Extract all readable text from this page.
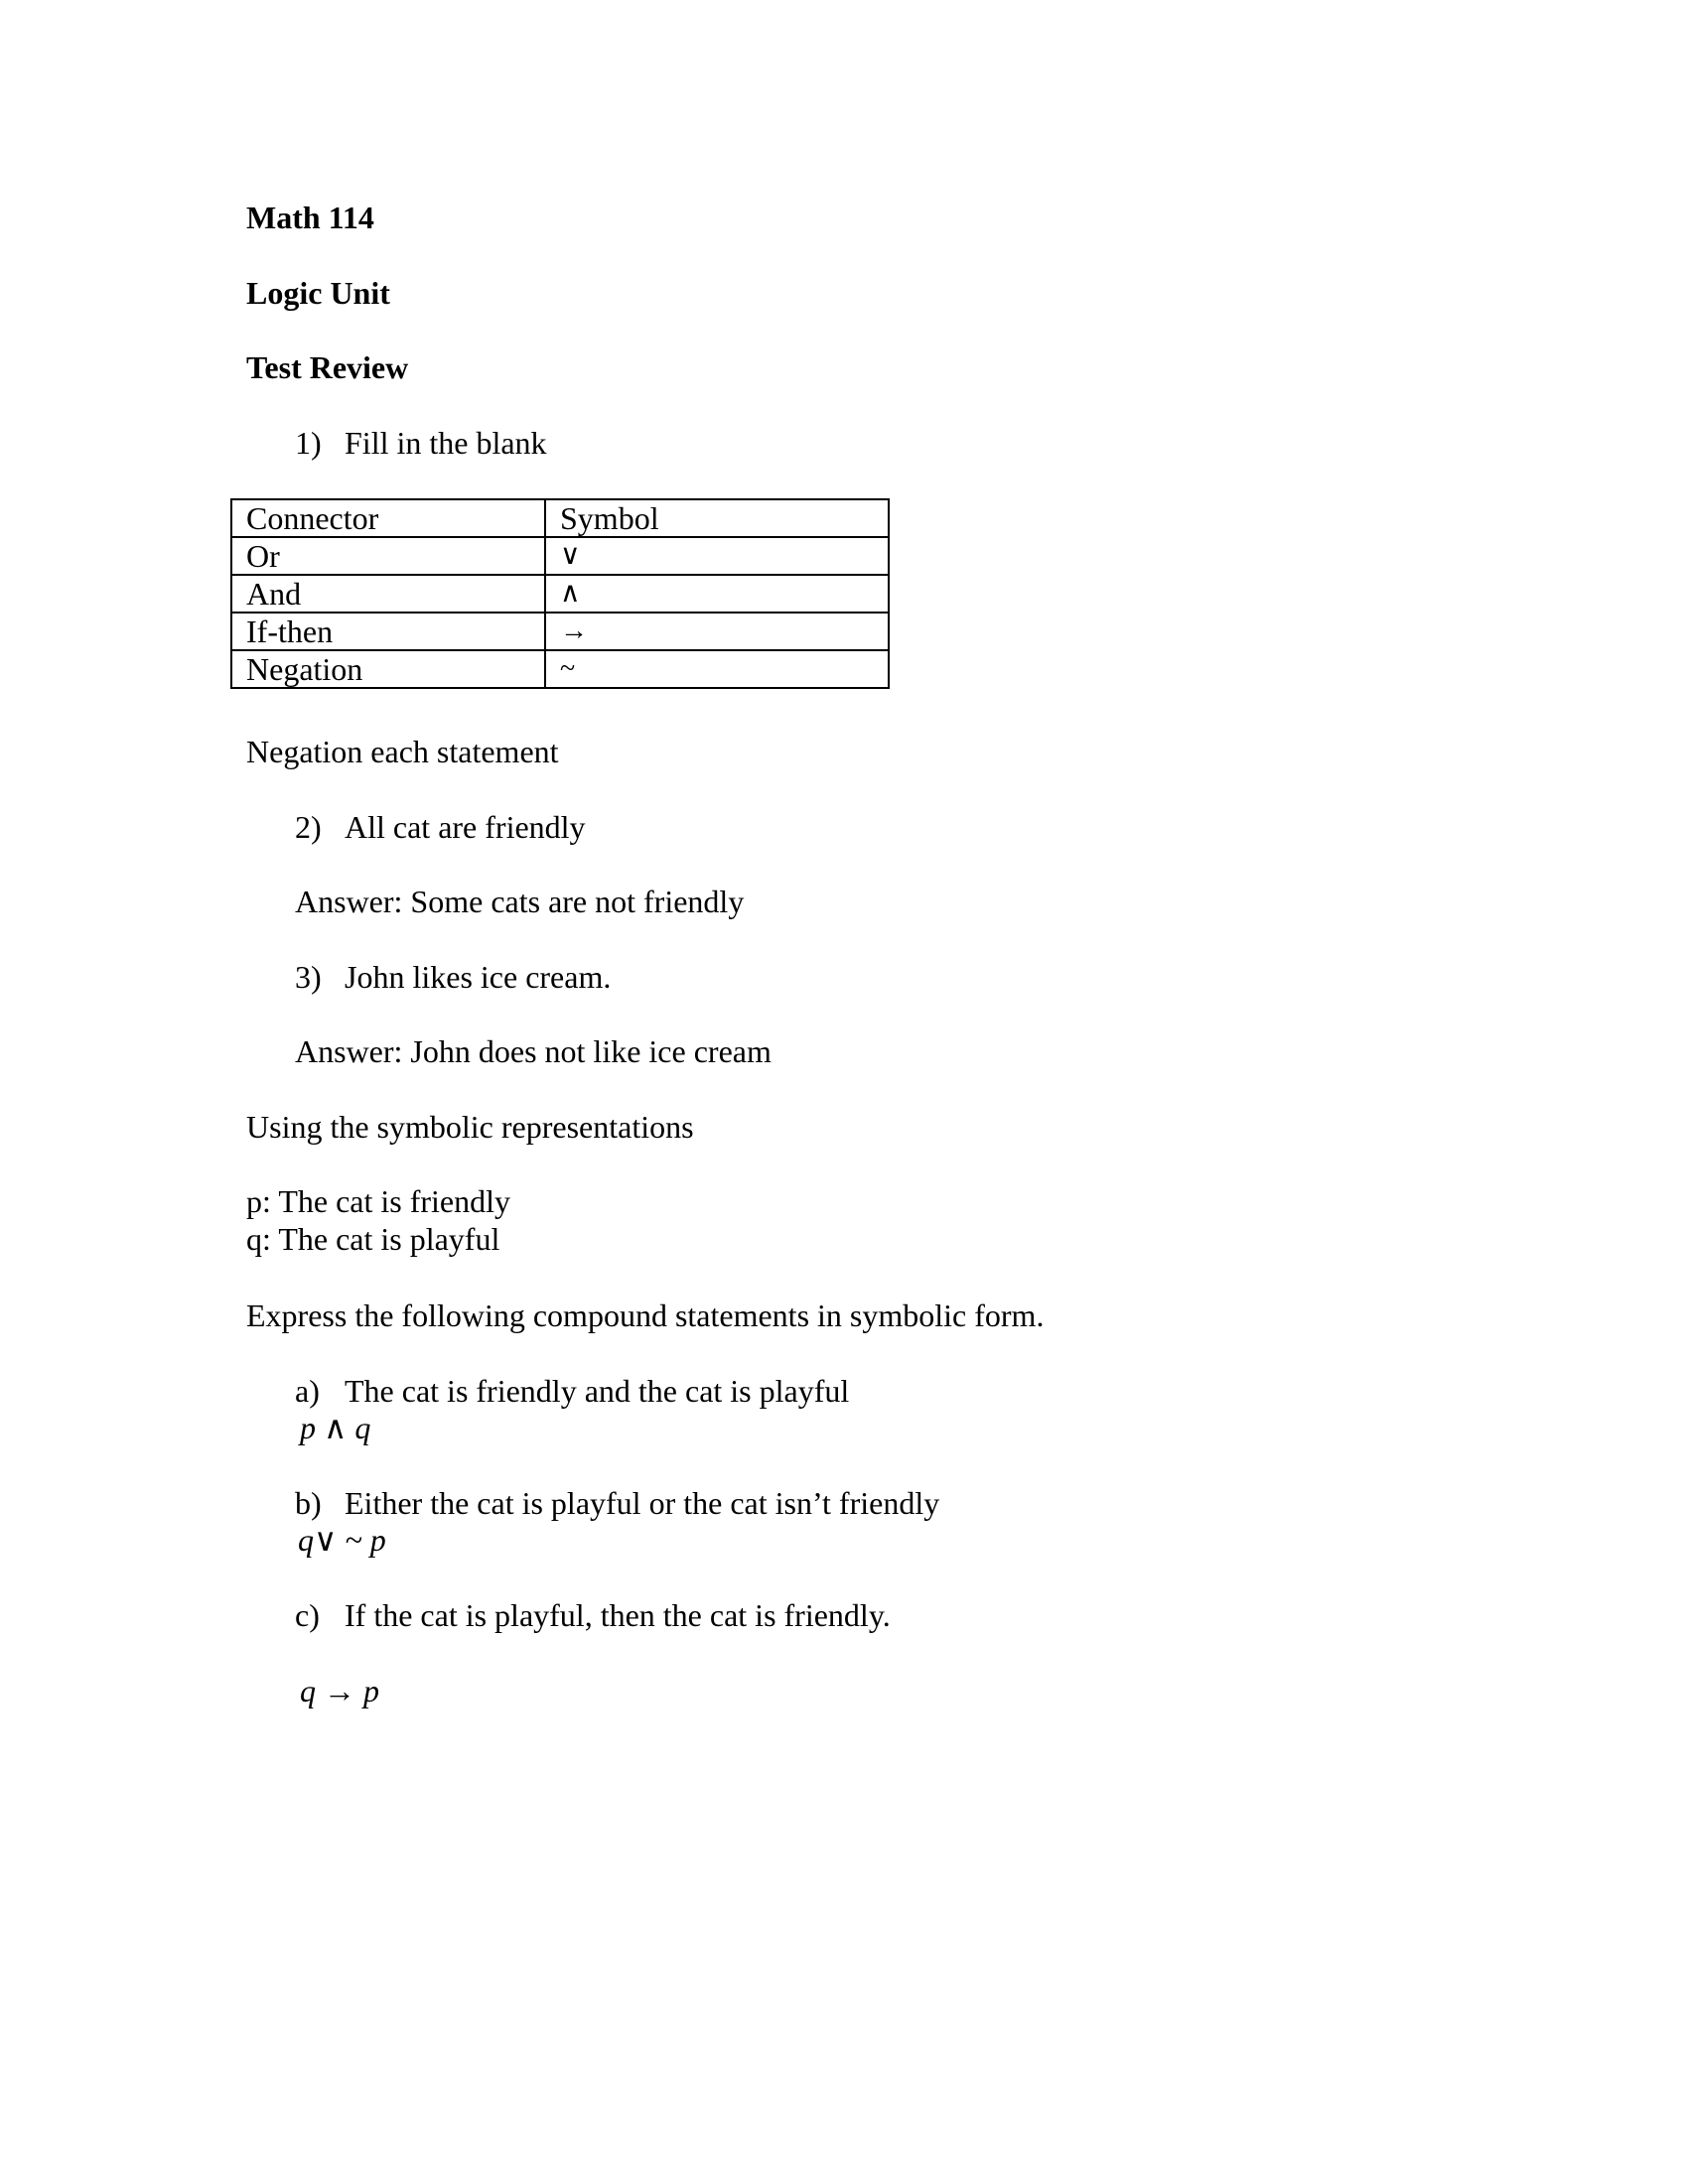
Math 114
Logic Unit
Test Review
1) Fill in the blank
Connector	Symbol
Or	∨
And	∧
If-then	→
Negation	~
Negation each statement
2) All cat are friendly
Answer: Some cats are not friendly
3) John likes ice cream.
Answer: John does not like ice cream
Using the symbolic representations
p: The cat is friendly
q: The cat is playful
Express the following compound statements in symbolic form.
a) The cat is friendly and the cat is playful
p ∧ q
b) Either the cat is playful or the cat isn’t friendly
q∨ ~ p
c) If the cat is playful, then the cat is friendly.
q → p
